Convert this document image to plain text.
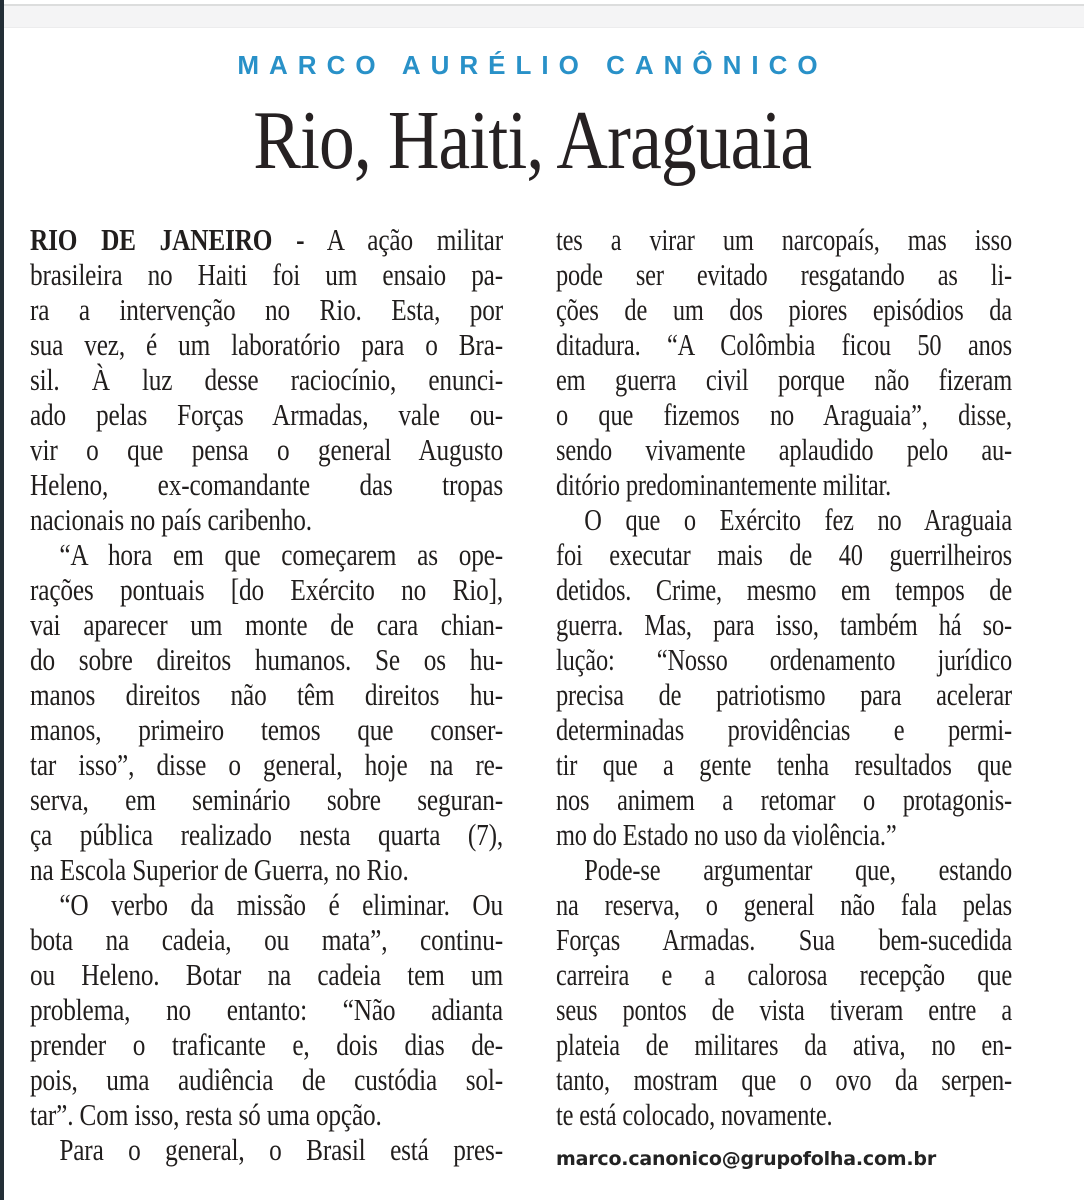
MARCO AURÉLIO CANÔNICO
Rio, Haiti, Araguaia
RIO DE JANEIRO - A ação militar
brasileira no Haiti foi um ensaio pa-
ra a intervenção no Rio. Esta, por
sua vez, é um laboratório para o Bra-
sil. À luz desse raciocínio, enunci-
ado pelas Forças Armadas, vale ou-
vir o que pensa o general Augusto
Heleno, ex-comandante das tropas
nacionais no país caribenho.
“A hora em que começarem as ope-
rações pontuais [do Exército no Rio],
vai aparecer um monte de cara chian-
do sobre direitos humanos. Se os hu-
manos direitos não têm direitos hu-
manos, primeiro temos que conser-
tar isso”, disse o general, hoje na re-
serva, em seminário sobre seguran-
ça pública realizado nesta quarta (7),
na Escola Superior de Guerra, no Rio.
“O verbo da missão é eliminar. Ou
bota na cadeia, ou mata”, continu-
ou Heleno. Botar na cadeia tem um
problema, no entanto: “Não adianta
prender o traficante e, dois dias de-
pois, uma audiência de custódia sol-
tar”. Com isso, resta só uma opção.
Para o general, o Brasil está pres-
tes a virar um narcopaís, mas isso
pode ser evitado resgatando as li-
ções de um dos piores episódios da
ditadura. “A Colômbia ficou 50 anos
em guerra civil porque não fizeram
o que fizemos no Araguaia”, disse,
sendo vivamente aplaudido pelo au-
ditório predominantemente militar.
O que o Exército fez no Araguaia
foi executar mais de 40 guerrilheiros
detidos. Crime, mesmo em tempos de
guerra. Mas, para isso, também há so-
lução: “Nosso ordenamento jurídico
precisa de patriotismo para acelerar
determinadas providências e permi-
tir que a gente tenha resultados que
nos animem a retomar o protagonis-
mo do Estado no uso da violência.”
Pode-se argumentar que, estando
na reserva, o general não fala pelas
Forças Armadas. Sua bem-sucedida
carreira e a calorosa recepção que
seus pontos de vista tiveram entre a
plateia de militares da ativa, no en-
tanto, mostram que o ovo da serpen-
te está colocado, novamente.
marco.canonico@grupofolha.com.br
